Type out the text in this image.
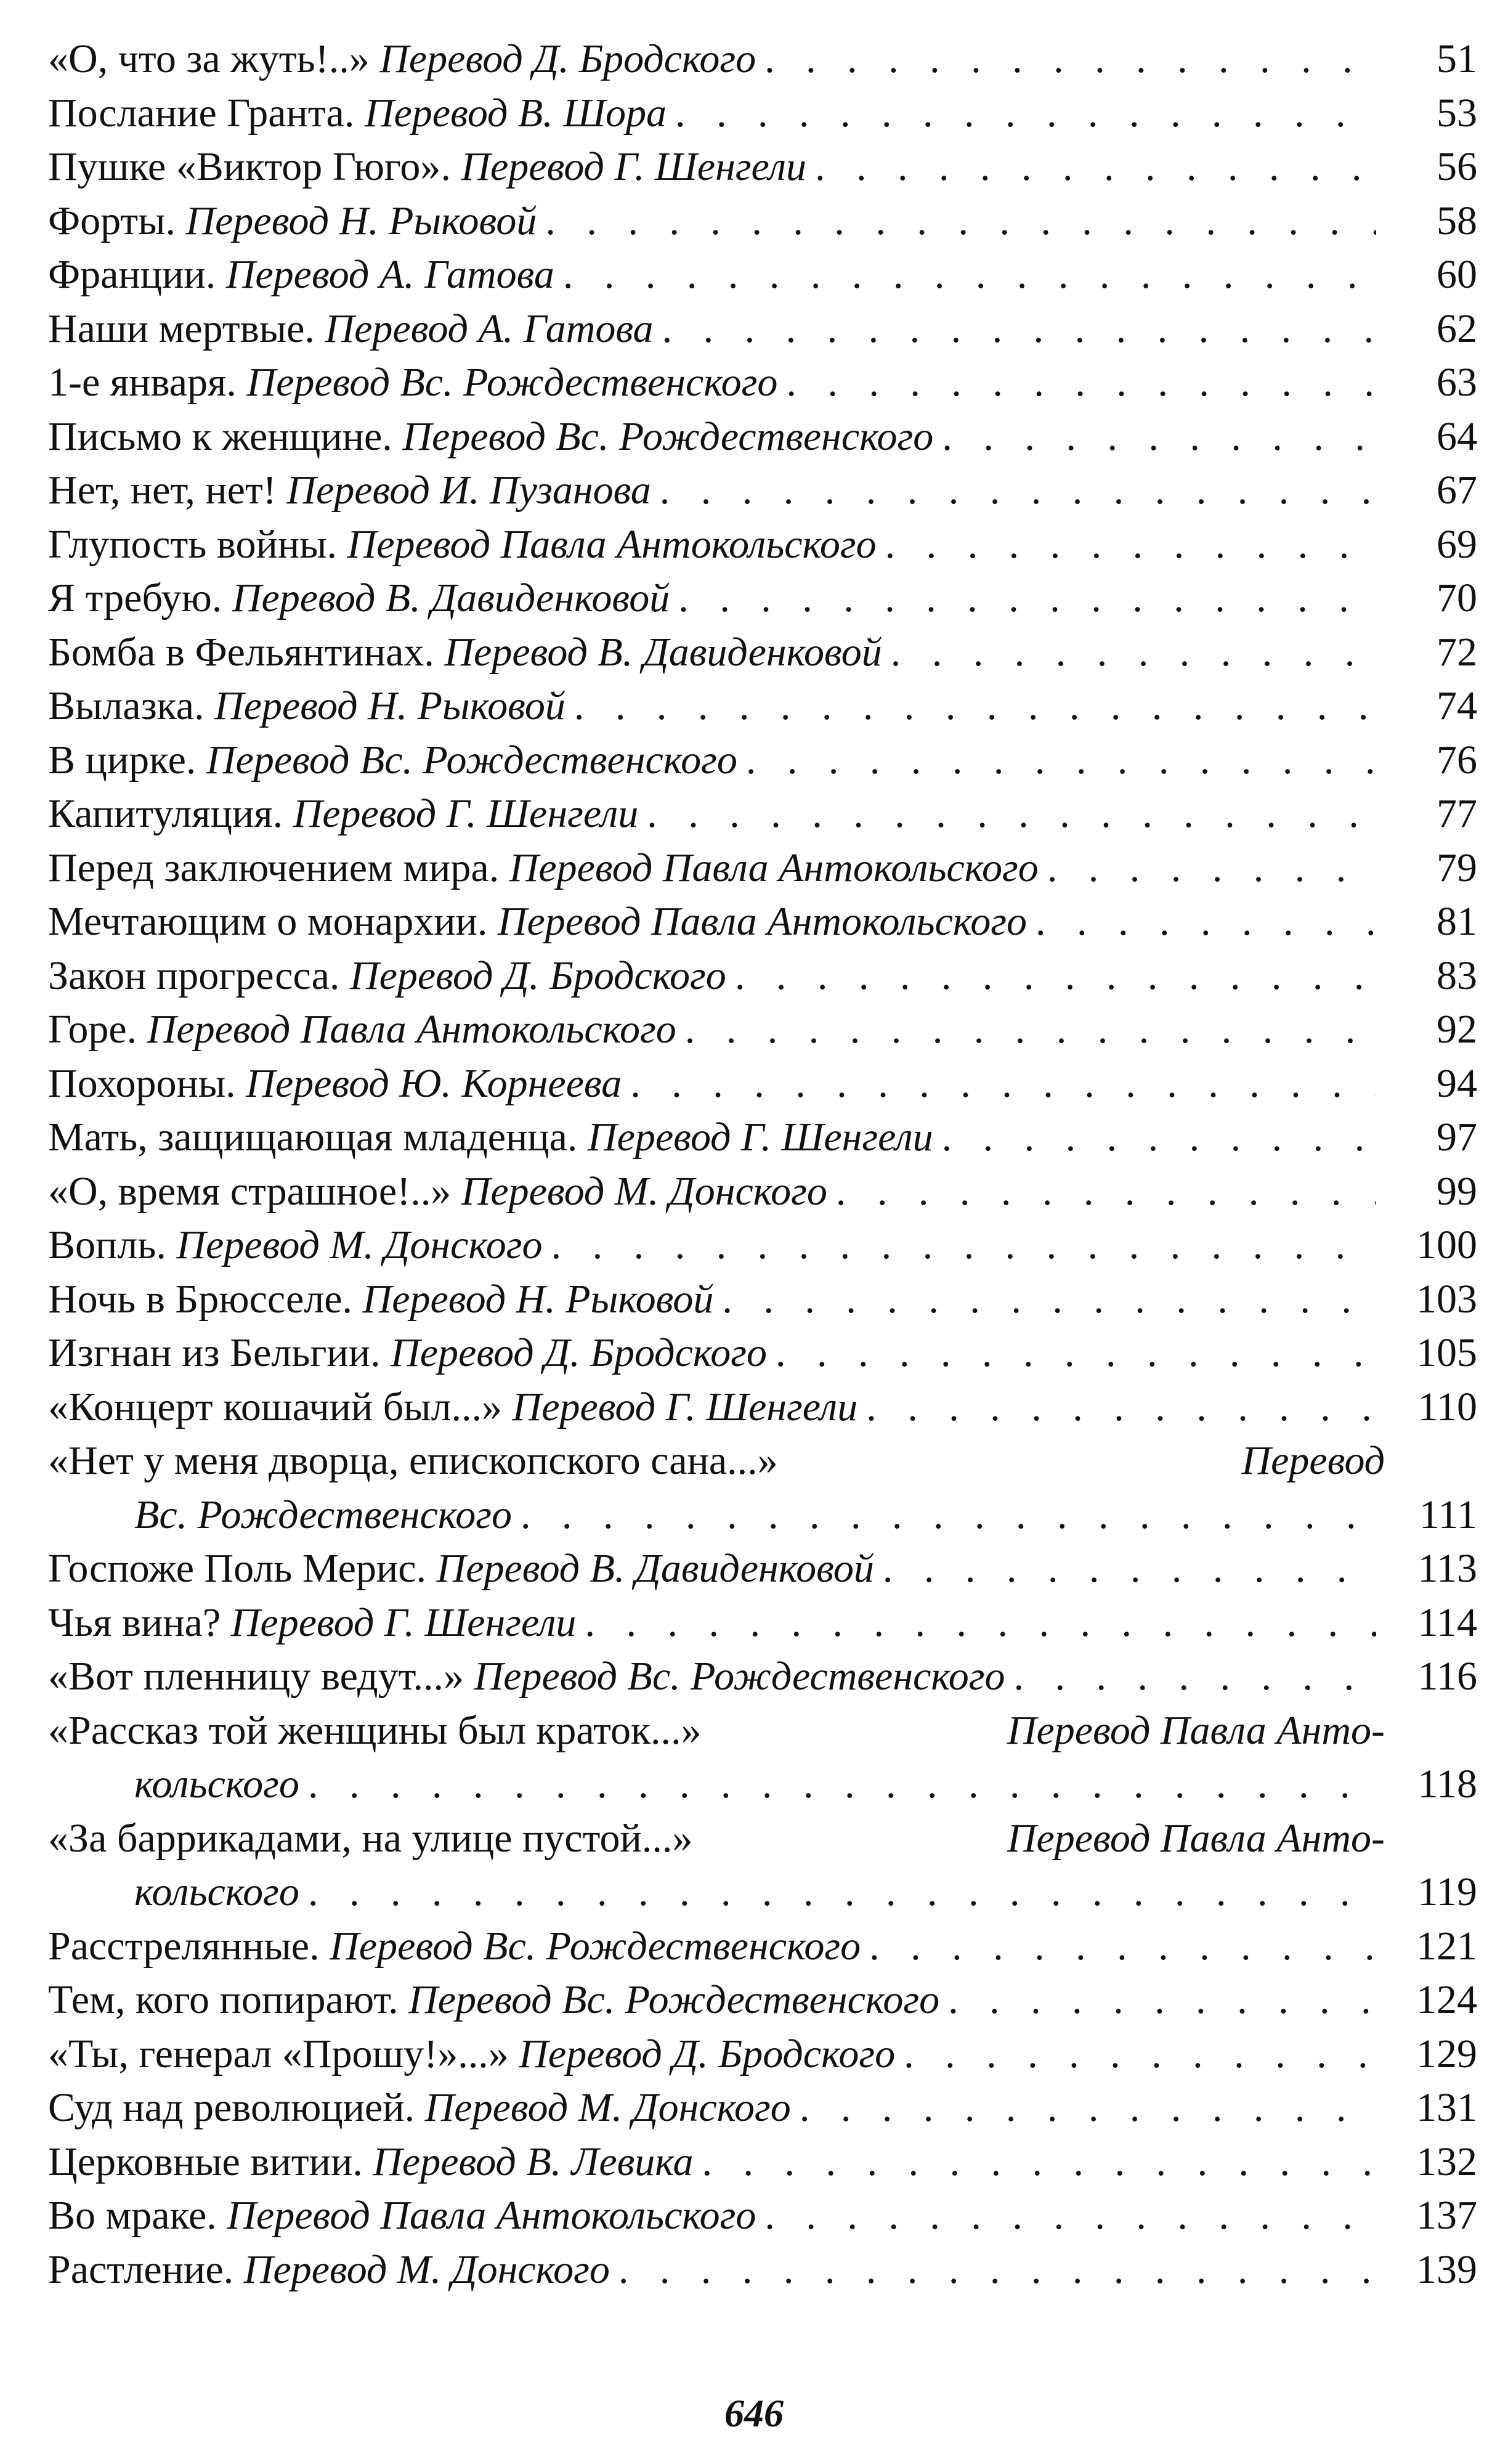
«О, что за жуть!..» Перевод Д. Бродского . . .	51
Послание Гранта. Перевод В. Шора . . .	53
Пушке «Виктор Гюго». Перевод Г. Шенгели . . .	56
Форты. Перевод Н. Рыковой . . .	58
Франции. Перевод А. Гатова . . .	60
Наши мертвые. Перевод А. Гатова . . .	62
1-е января. Перевод Вс. Рождественского . . .	63
Письмо к женщине. Перевод Вс. Рождественского . . .	64
Нет, нет, нет! Перевод И. Пузанова . . .	67
Глупость войны. Перевод Павла Антокольского . . .	69
Я требую. Перевод В. Давиденковой . . .	70
Бомба в Фельянтинах. Перевод В. Давиденковой . . .	72
Вылазка. Перевод Н. Рыковой . . .	74
В цирке. Перевод Вс. Рождественского . . .	76
Капитуляция. Перевод Г. Шенгели . . .	77
Перед заключением мира. Перевод Павла Антокольского . . .	79
Мечтающим о монархии. Перевод Павла Антокольского . . .	81
Закон прогресса. Перевод Д. Бродского . . .	83
Горе. Перевод Павла Антокольского . . .	92
Похороны. Перевод Ю. Корнеева . . .	94
Мать, защищающая младенца. Перевод Г. Шенгели . . .	97
«О, время страшное!..» Перевод М. Донского . . .	99
Вопль. Перевод М. Донского . . .	100
Ночь в Брюсселе. Перевод Н. Рыковой . . .	103
Изгнан из Бельгии. Перевод Д. Бродского . . .	105
«Концерт кошачий был...» Перевод Г. Шенгели . . .	110
«Нет у меня дворца, епископского сана...»	Перевод
Вс. Рождественского . . .	111
Госпоже Поль Мерис. Перевод В. Давиденковой . . .	113
Чья вина? Перевод Г. Шенгели . . .	114
«Вот пленницу ведут...» Перевод Вс. Рождественского . . .	116
«Рассказ той женщины был краток...»	Перевод Павла Анто-
кольского . . .	118
«За баррикадами, на улице пустой...»	Перевод Павла Анто-
кольского . . .	119
Расстрелянные. Перевод Вс. Рождественского . . .	121
Тем, кого попирают. Перевод Вс. Рождественского . . .	124
«Ты, генерал «Прошу!»...» Перевод Д. Бродского . . .	129
Суд над революцией. Перевод М. Донского . . .	131
Церковные витии. Перевод В. Левика . . .	132
Во мраке. Перевод Павла Антокольского . . .	137
Растление. Перевод М. Донского . . .	139
646
